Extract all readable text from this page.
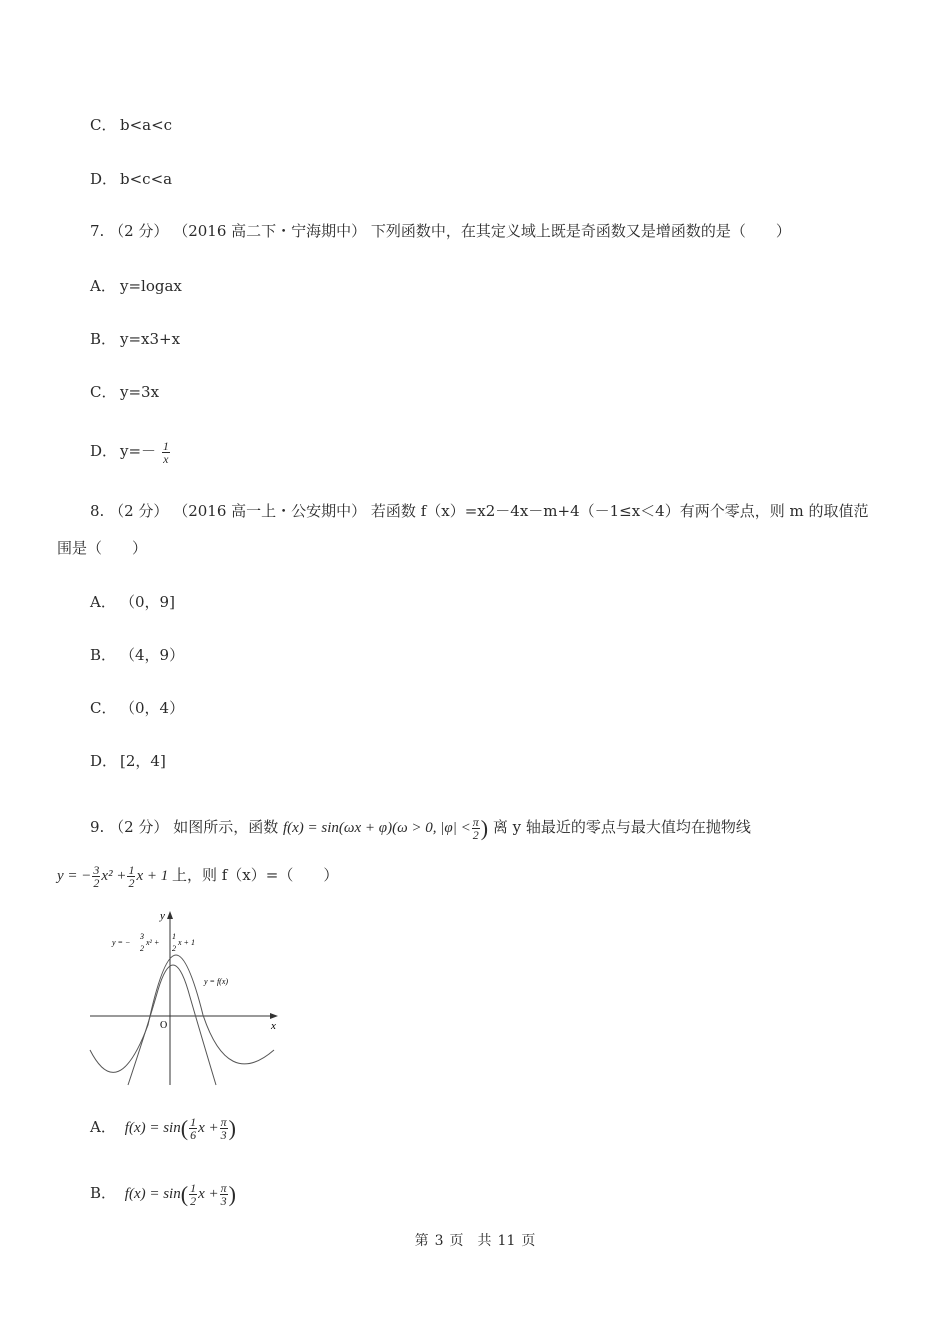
C． b<a<c
D． b<c<a
7. （2 分） （2016 高二下・宁海期中） 下列函数中，在其定义域上既是奇函数又是增函数的是（　　）
A． y=logax
B． y=x3+x
C． y=3x
D． $y=- \frac{1}{x}$
8. （2 分） （2016 高一上・公安期中） 若函数 f（x）=x2－4x－m+4（－1≤x＜4）有两个零点，则 m 的取值范
围是（　　）
A． （0，9]
B． （4，9）
C． （0，4）
D． [2，4]
9. （2 分） 如图所示，函数 f(x) = sin(ωx + φ)(ω > 0, $|\varphi| < \frac{\pi}{2}$ ) 离 y 轴最近的零点与最大值均在抛物线
y = − $\frac{3}{2} x^2 + \frac{1}{2}$ x + 1 上，则 f（x）=（　　）
x
y
O
y = −
3
2
x² +
1
2
x + 1
y = f(x)
A． $f(x) = \sin( \frac{1}{6}$ $x + \frac{\pi}{3}$ )
B． $f(x) = \sin( \frac{1}{2}$ $x + \frac{\pi}{3}$ )
第 3 页　共 11 页
